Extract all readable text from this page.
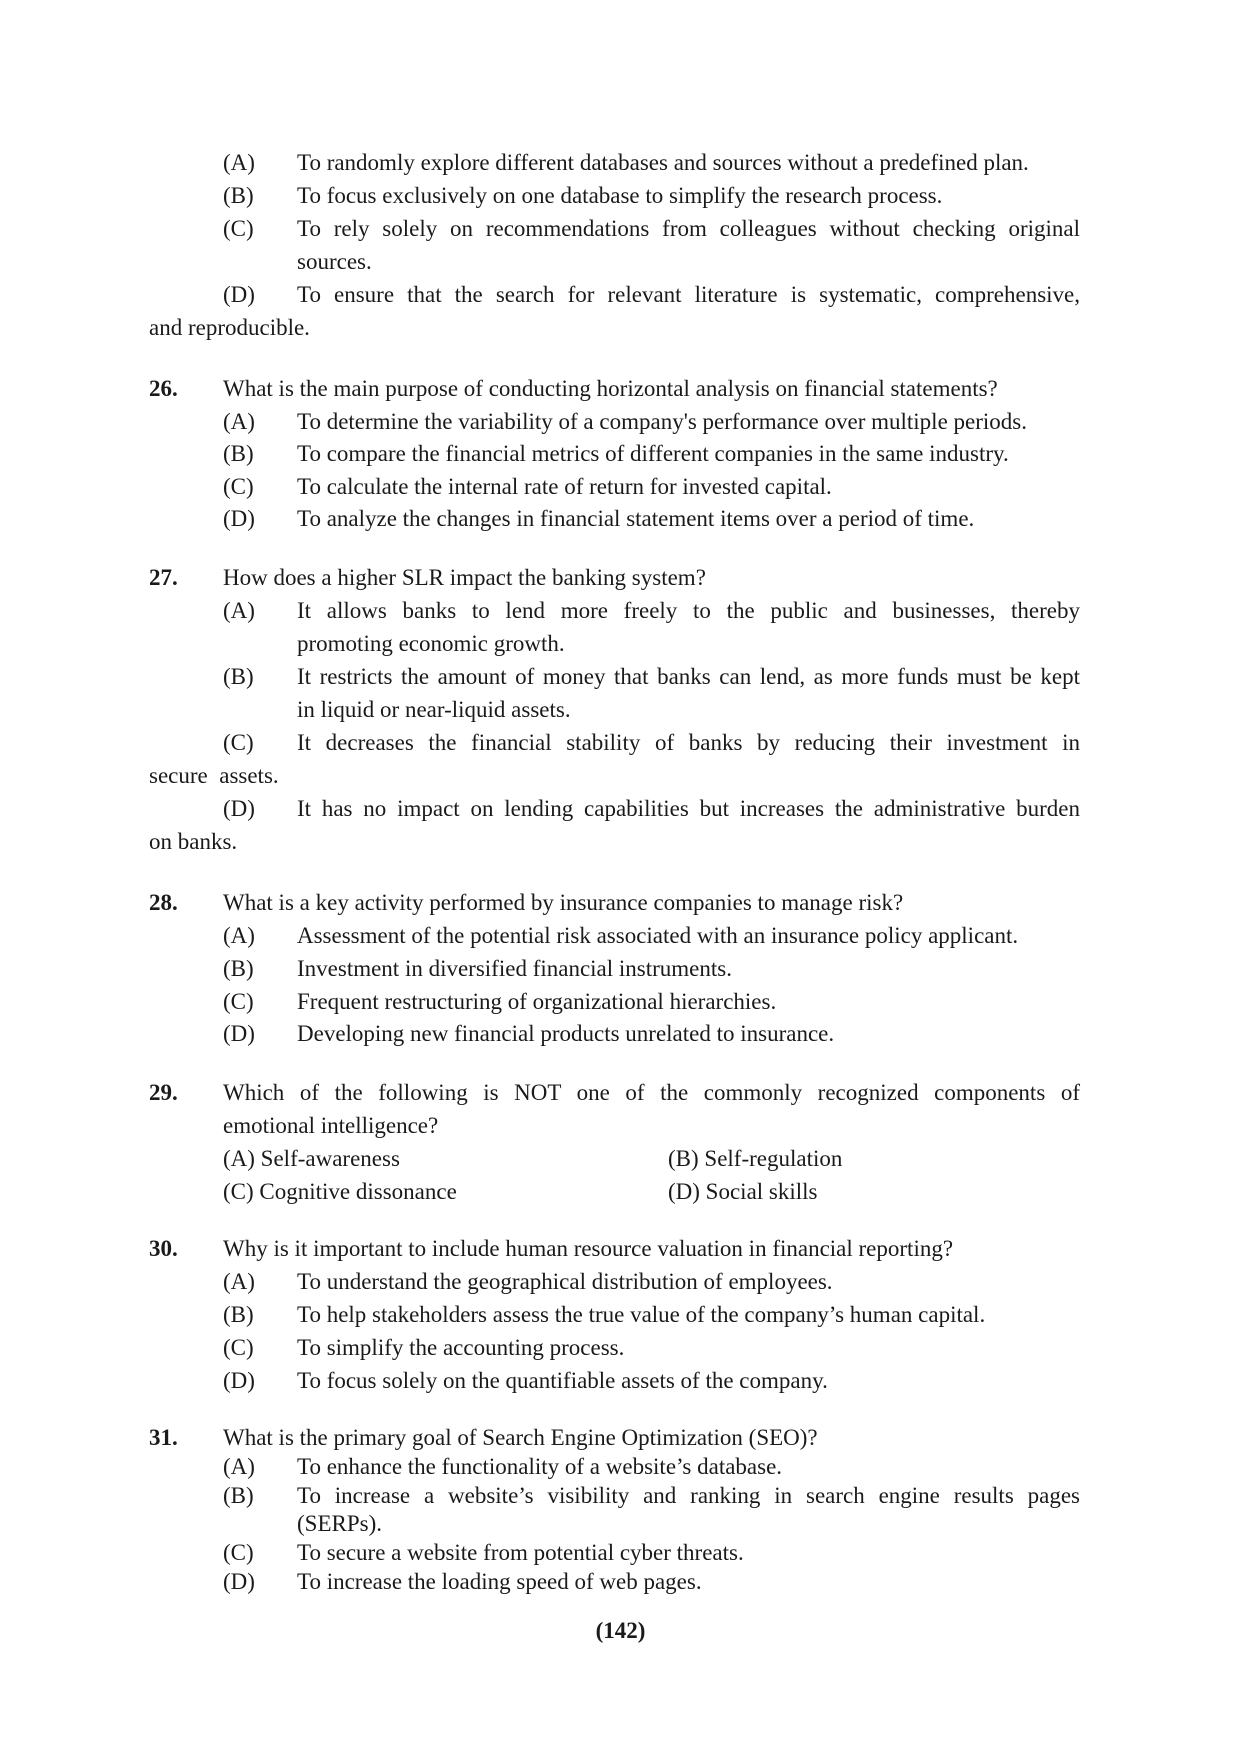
(A) To randomly explore different databases and sources without a predefined plan.
(B) To focus exclusively on one database to simplify the research process.
(C) To rely solely on recommendations from colleagues without checking original
sources.
(D) To ensure that the search for relevant literature is systematic, comprehensive,
and reproducible.
26. What is the main purpose of conducting horizontal analysis on financial statements?
(A) To determine the variability of a company's performance over multiple periods.
(B) To compare the financial metrics of different companies in the same industry.
(C) To calculate the internal rate of return for invested capital.
(D) To analyze the changes in financial statement items over a period of time.
27. How does a higher SLR impact the banking system?
(A) It allows banks to lend more freely to the public and businesses, thereby
promoting economic growth.
(B) It restricts the amount of money that banks can lend, as more funds must be kept
in liquid or near-liquid assets.
(C) It decreases the financial stability of banks by reducing their investment in
secure  assets.
(D) It has no impact on lending capabilities but increases the administrative burden
on banks.
28. What is a key activity performed by insurance companies to manage risk?
(A) Assessment of the potential risk associated with an insurance policy applicant.
(B) Investment in diversified financial instruments.
(C) Frequent restructuring of organizational hierarchies.
(D) Developing new financial products unrelated to insurance.
29. Which of the following is NOT one of the commonly recognized components of
emotional intelligence?
(A) Self-awareness	(B) Self-regulation
(C) Cognitive dissonance	(D) Social skills
30. Why is it important to include human resource valuation in financial reporting?
(A) To understand the geographical distribution of employees.
(B) To help stakeholders assess the true value of the company’s human capital.
(C) To simplify the accounting process.
(D) To focus solely on the quantifiable assets of the company.
31. What is the primary goal of Search Engine Optimization (SEO)?
(A) To enhance the functionality of a website’s database.
(B) To increase a website’s visibility and ranking in search engine results pages
(SERPs).
(C) To secure a website from potential cyber threats.
(D) To increase the loading speed of web pages.
(142)
